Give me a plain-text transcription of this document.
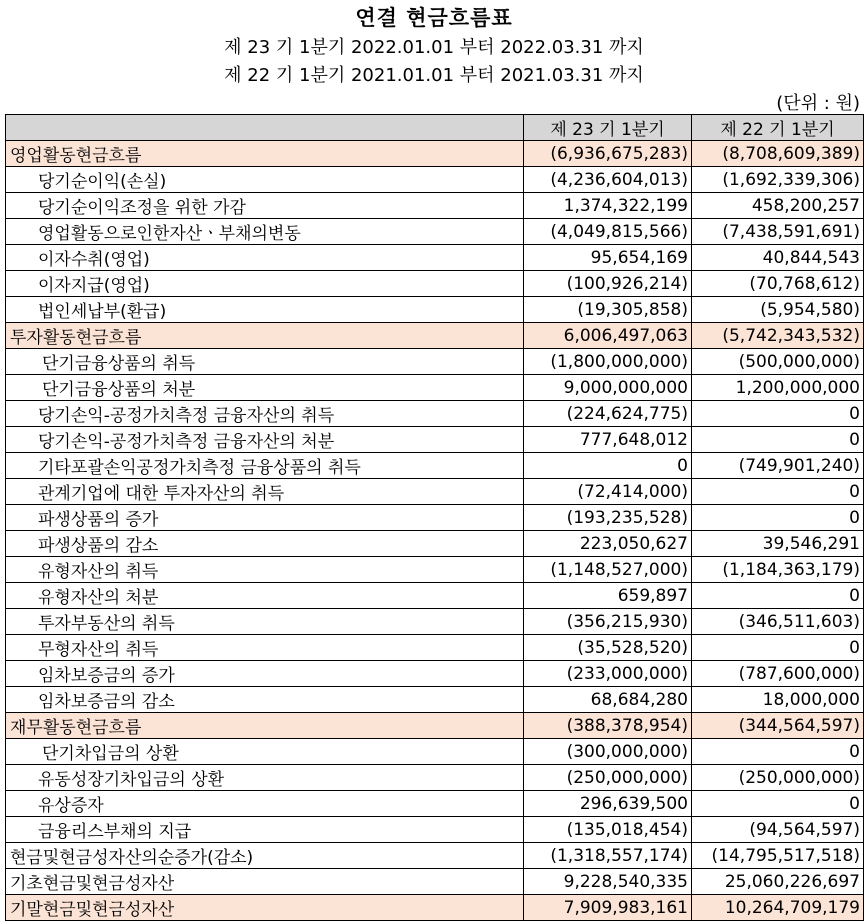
연결 현금흐름표
제 23 기 1분기 2022.01.01 부터 2022.03.31 까지
제 22 기 1분기 2021.01.01 부터 2021.03.31 까지
(단위 : 원)
	제 23 기 1분기	제 22 기 1분기
영업활동현금흐름	(6,936,675,283)	(8,708,609,389)
당기순이익(손실)	(4,236,604,013)	(1,692,339,306)
당기순이익조정을 위한 가감	1,374,322,199	458,200,257
영업활동으로인한자산ㆍ부채의변동	(4,049,815,566)	(7,438,591,691)
이자수취(영업)	95,654,169	40,844,543
이자지급(영업)	(100,926,214)	(70,768,612)
법인세납부(환급)	(19,305,858)	(5,954,580)
투자활동현금흐름	6,006,497,063	(5,742,343,532)
단기금융상품의 취득	(1,800,000,000)	(500,000,000)
단기금융상품의 처분	9,000,000,000	1,200,000,000
당기손익-공정가치측정 금융자산의 취득	(224,624,775)	0
당기손익-공정가치측정 금융자산의 처분	777,648,012	0
기타포괄손익공정가치측정 금융상품의 취득	0	(749,901,240)
관계기업에 대한 투자자산의 취득	(72,414,000)	0
파생상품의 증가	(193,235,528)	0
파생상품의 감소	223,050,627	39,546,291
유형자산의 취득	(1,148,527,000)	(1,184,363,179)
유형자산의 처분	659,897	0
투자부동산의 취득	(356,215,930)	(346,511,603)
무형자산의 취득	(35,528,520)	0
임차보증금의 증가	(233,000,000)	(787,600,000)
임차보증금의 감소	68,684,280	18,000,000
재무활동현금흐름	(388,378,954)	(344,564,597)
단기차입금의 상환	(300,000,000)	0
유동성장기차입금의 상환	(250,000,000)	(250,000,000)
유상증자	296,639,500	0
금융리스부채의 지급	(135,018,454)	(94,564,597)
현금및현금성자산의순증가(감소)	(1,318,557,174)	(14,795,517,518)
기초현금및현금성자산	9,228,540,335	25,060,226,697
기말현금및현금성자산	7,909,983,161	10,264,709,179
